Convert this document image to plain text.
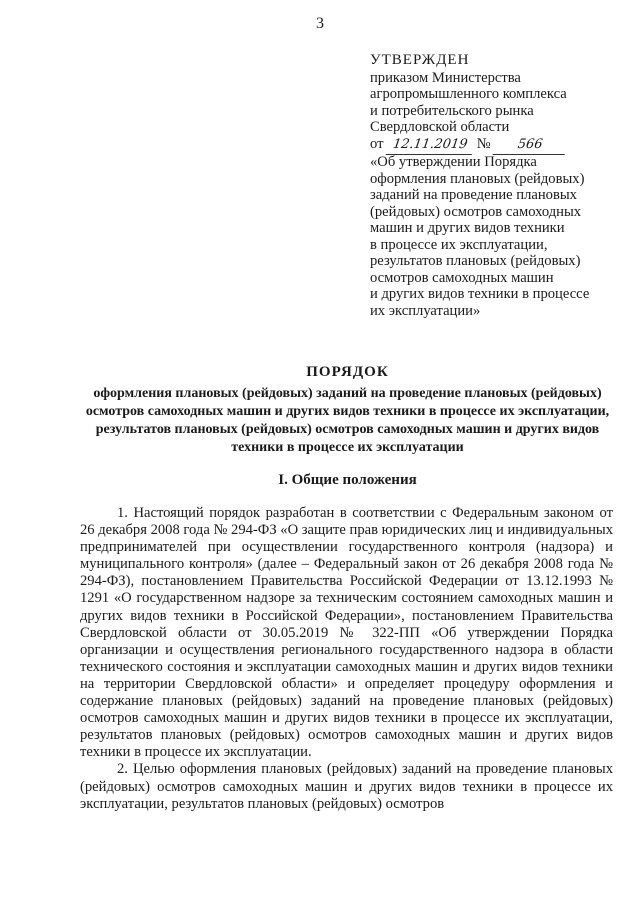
3
УТВЕРЖДЕН
приказом Министерства
агропромышленного комплекса
и потребительского рынка
Свердловской области
от 12.11.2019 № 566
«Об утверждении Порядка
оформления плановых (рейдовых)
заданий на проведение плановых
(рейдовых) осмотров самоходных
машин и других видов техники
в процессе их эксплуатации,
результатов плановых (рейдовых)
осмотров самоходных машин
и других видов техники в процессе
их эксплуатации»
ПОРЯДОК
оформления плановых (рейдовых) заданий на проведение плановых (рейдовых) осмотров самоходных машин и других видов техники в процессе их эксплуатации, результатов плановых (рейдовых) осмотров самоходных машин и других видов техники в процессе их эксплуатации
I. Общие положения

1. Настоящий порядок разработан в соответствии с Федеральным законом от 26 декабря 2008 года № 294-ФЗ «О защите прав юридических лиц и индивидуальных предпринимателей при осуществлении государственного контроля (надзора) и муниципального контроля» (далее – Федеральный закон от 26 декабря 2008 года № 294-ФЗ), постановлением Правительства Российской Федерации от 13.12.1993 № 1291 «О государственном надзоре за техническим состоянием самоходных машин и других видов техники в Российской Федерации», постановлением Правительства Свердловской области от 30.05.2019 № 322-ПП «Об утверждении Порядка организации и осуществления регионального государственного надзора в области технического состояния и эксплуатации самоходных машин и других видов техники на территории Свердловской области» и определяет процедуру оформления и содержание плановых (рейдовых) заданий на проведение плановых (рейдовых) осмотров самоходных машин и других видов техники в процессе их эксплуатации, результатов плановых (рейдовых) осмотров самоходных машин и других видов техники в процессе их эксплуатации.

2. Целью оформления плановых (рейдовых) заданий на проведение плановых (рейдовых) осмотров самоходных машин и других видов техники в процессе их эксплуатации, результатов плановых (рейдовых) осмотров
